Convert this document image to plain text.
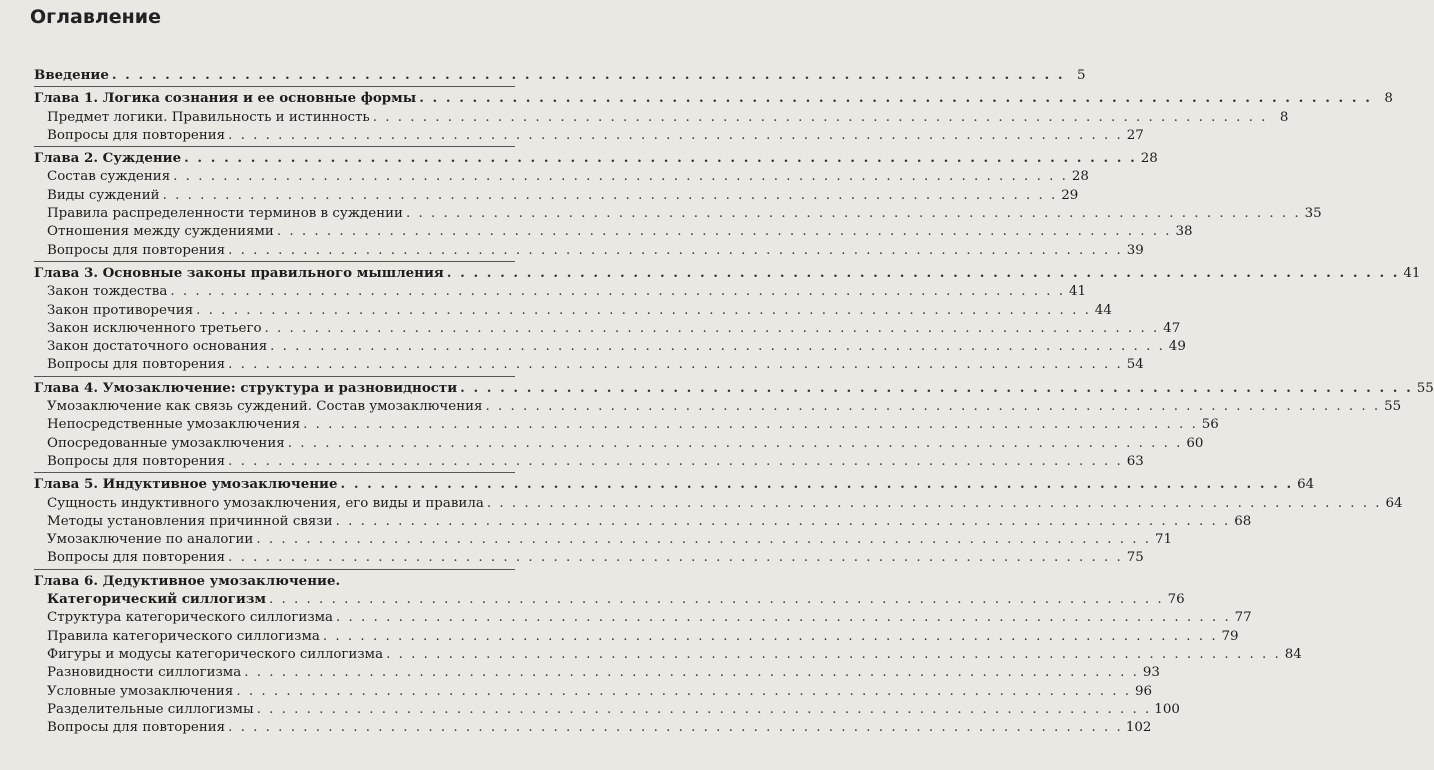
Оглавление
Введение . . .	5
Глава 1. Логика сознания и ее основные формы . . .	8
Предмет логики. Правильность и истинность . . .	8
Вопросы для повторения . . .	27
Глава 2. Суждение . . .	28
Состав суждения . . .	28
Виды суждений . . .	29
Правила распределенности терминов в суждении . . .	35
Отношения между суждениями . . .	38
Вопросы для повторения . . .	39
Глава 3. Основные законы правильного мышления . . .	41
Закон тождества . . .	41
Закон противоречия . . .	44
Закон исключенного третьего . . .	47
Закон достаточного основания . . .	49
Вопросы для повторения . . .	54
Глава 4. Умозаключение: структура и разновидности . . .	55
Умозаключение как связь суждений. Состав умозаключения . . .	55
Непосредственные умозаключения . . .	56
Опосредованные умозаключения . . .	60
Вопросы для повторения . . .	63
Глава 5. Индуктивное умозаключение . . .	64
Сущность индуктивного умозаключения, его виды и правила . . .	64
Методы установления причинной связи . . .	68
Умозаключение по аналогии . . .	71
Вопросы для повторения . . .	75
Глава 6. Дедуктивное умозаключение.
Категорический силлогизм . . .	76
Структура категорического силлогизма . . .	77
Правила категорического силлогизма . . .	79
Фигуры и модусы категорического силлогизма . . .	84
Разновидности силлогизма . . .	93
Условные умозаключения . . .	96
Разделительные силлогизмы . . .	100
Вопросы для повторения . . .	102
